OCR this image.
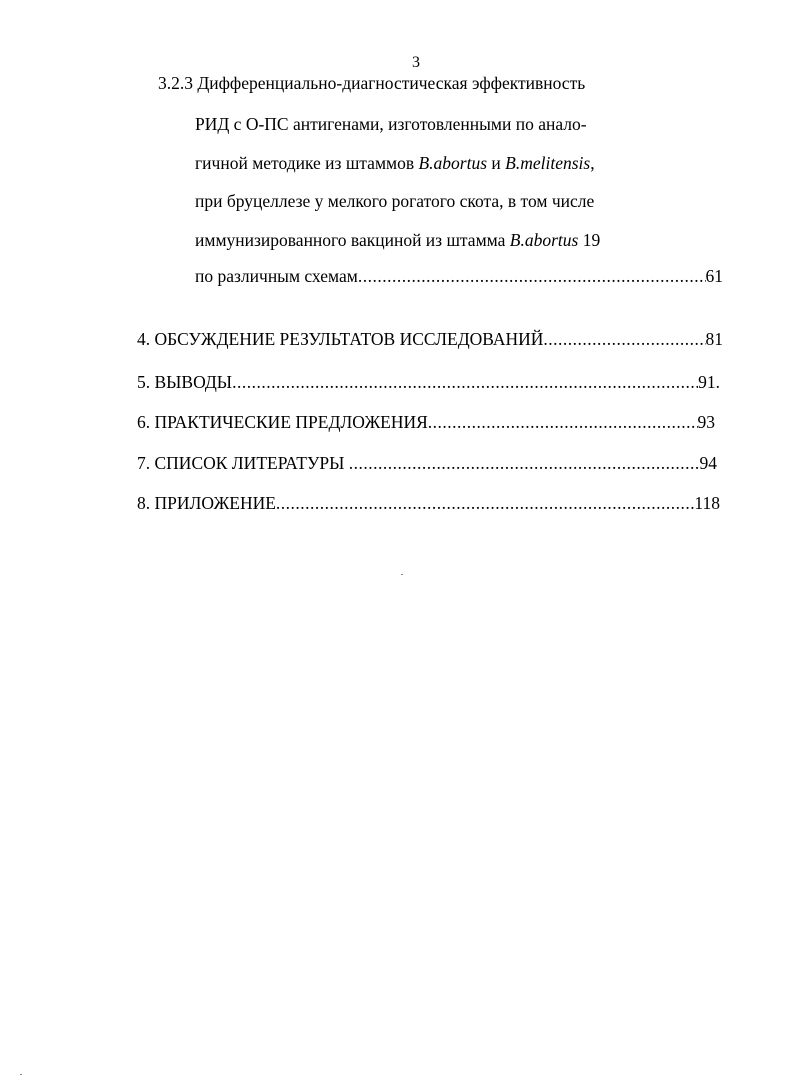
3
3.2.3 Дифференциально-диагностическая эффективность
РИД с О-ПС антигенами, изготовленными по анало-
гичной методике из штаммов B.abortus и B.melitensis,
при бруцеллезе у мелкого рогатого скота, в том числе
иммунизированного вакциной из штамма B.abortus 19
по различным схемам .....	61
4. ОБСУЖДЕНИЕ РЕЗУЛЬТАТОВ ИССЛЕДОВАНИЙ .....	81
5. ВЫВОДЫ .....	91.
6. ПРАКТИЧЕСКИЕ ПРЕДЛОЖЕНИЯ .....	93
7. СПИСОК ЛИТЕРАТУРЫ .....	94
8. ПРИЛОЖЕНИЕ .....	118
